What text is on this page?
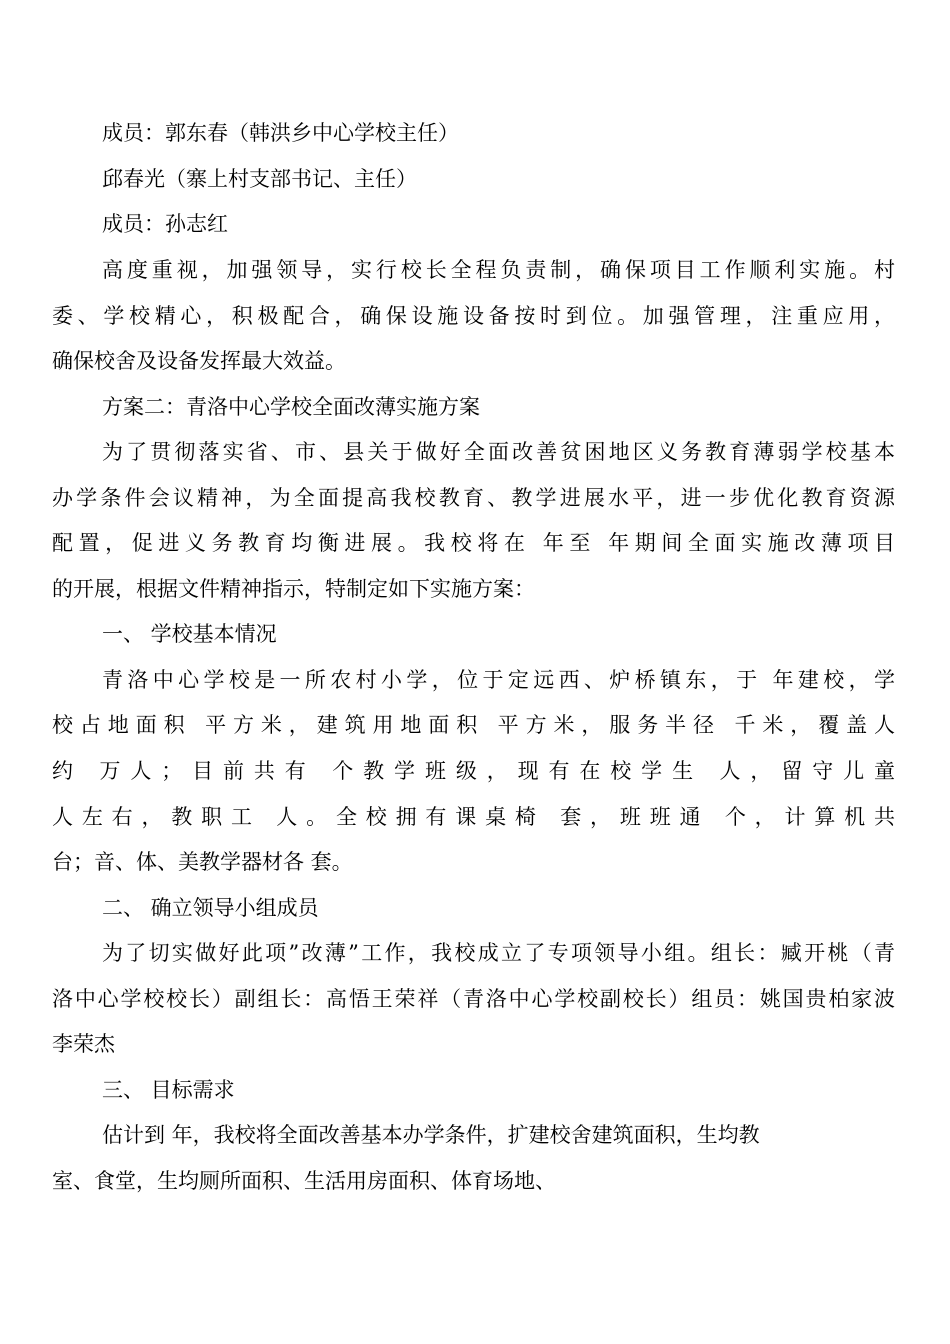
成员：郭东春（韩洪乡中心学校主任）
邱春光（寨上村支部书记、主任）
成员：孙志红
高度重视，加强领导，实行校长全程负责制，确保项目工作顺利实施。村
委、学校精心，积极配合，确保设施设备按时到位。加强管理，注重应用，
确保校舍及设备发挥最大效益。
方案二：青洛中心学校全面改薄实施方案
为了贯彻落实省、市、县关于做好全面改善贫困地区义务教育薄弱学校基本
办学条件会议精神，为全面提高我校教育、教学进展水平，进一步优化教育资源
配置，促进义务教育均衡进展。我校将在 年至 年期间全面实施改薄项目
的开展，根据文件精神指示，特制定如下实施方案：
一、 学校基本情况
青洛中心学校是一所农村小学，位于定远西、炉桥镇东，于 年建校，学
校占地面积 平方米，建筑用地面积 平方米，服务半径 千米，覆盖人
约 万人；目前共有 个教学班级，现有在校学生 人，留守儿童
人左右，教职工 人。全校拥有课桌椅 套，班班通 个，计算机共
台；音、体、美教学器材各 套。
二、 确立领导小组成员
为了切实做好此项”改薄”工作，我校成立了专项领导小组。组长：臧开桃（青
洛中心学校校长）副组长：高悟王荣祥（青洛中心学校副校长）组员：姚国贵柏家波
李荣杰
三、 目标需求
估计到 年，我校将全面改善基本办学条件，扩建校舍建筑面积，生均教
室、食堂，生均厕所面积、生活用房面积、体育场地、
